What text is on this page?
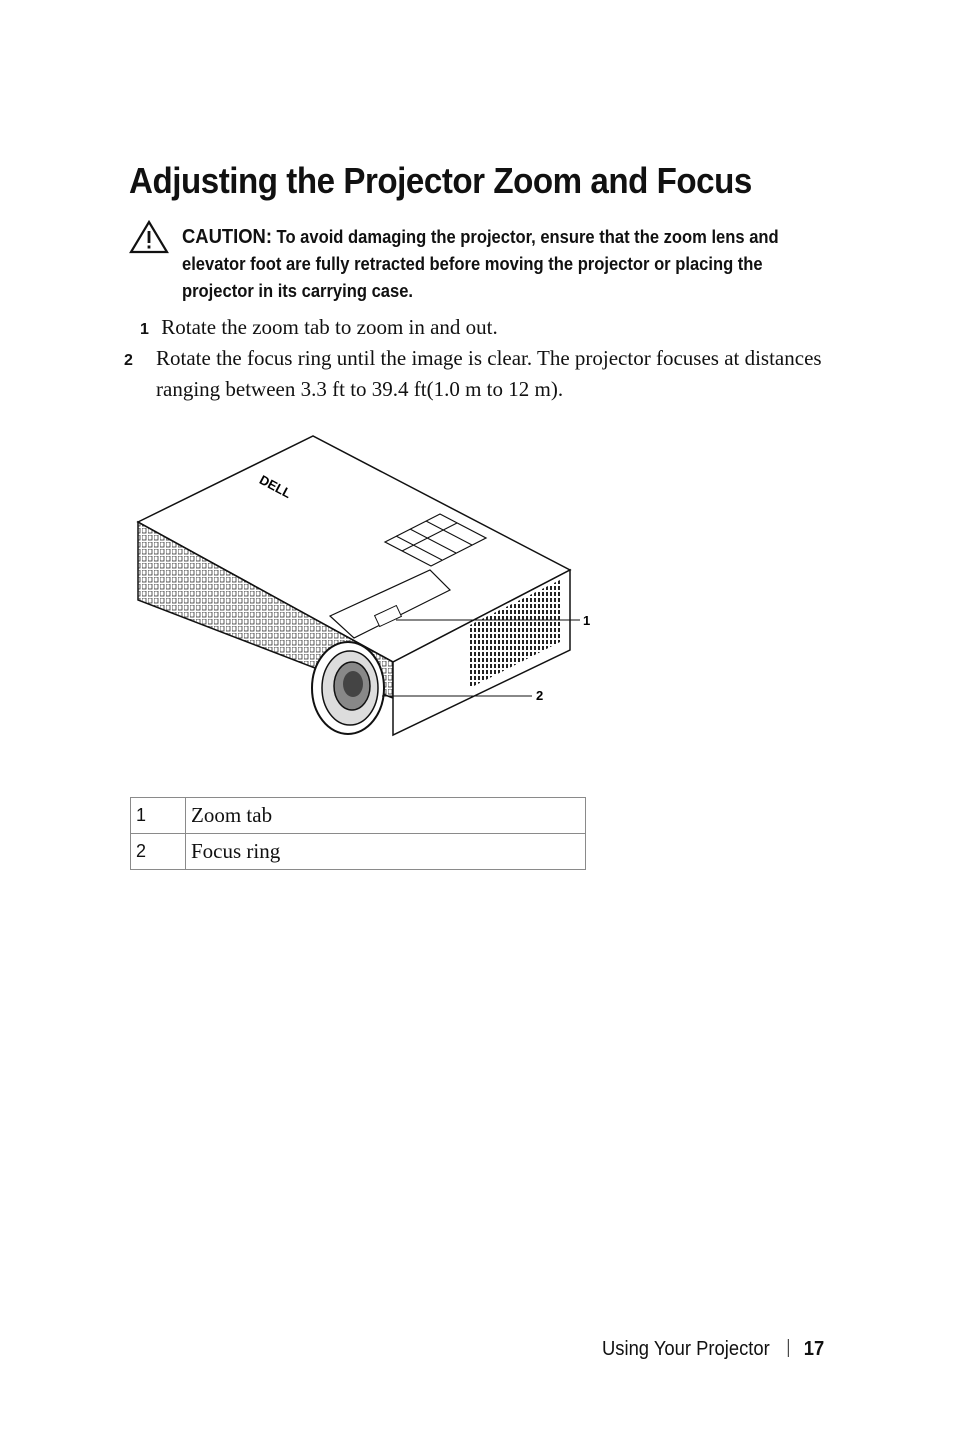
Adjusting the Projector Zoom and Focus
CAUTION: To avoid damaging the projector, ensure that the zoom lens and elevator foot are fully retracted before moving the projector or placing the projector in its carrying case.
1 Rotate the zoom tab to zoom in and out.
2 Rotate the focus ring until the image is clear. The projector focuses at distances ranging between 3.3 ft to 39.4 ft(1.0 m to 12 m).
DELL
1
2
1	Zoom tab
2	Focus ring
Using Your Projector 17
